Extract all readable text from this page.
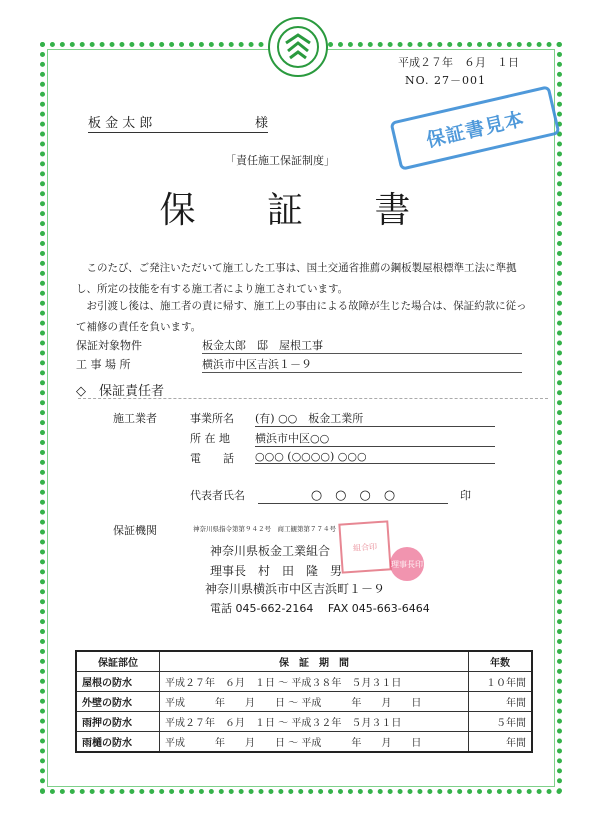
平成２７年　６月　１日
NO. 27－001
板 金 太 郎	様	保証書見本
「責任施工保証制度」
保 証 書
このたび、ご発注いただいて施工した工事は、国土交通省推薦の鋼板製屋根標準工法に準拠し、所定の技能を有する施工者により施工されています。
お引渡し後は、施工者の責に帰す、施工上の事由による故障が生じた場合は、保証約款に従って補修の責任を負います。
保証対象物件	板金太郎　邸　屋根工事
工 事 場 所	横浜市中区吉浜１－９
◇　保証責任者
施工業者	事業所名 (有) ○○　板金工業所
所 在 地 横浜市中区○○
電　　話 ○○○ (○○○○) ○○○
代表者氏名	○　○　○　○	印
保証機関	神奈川県指令第第９４２号　商工観第第７７４号
神奈川県板金工業組合
理事長　村　田　隆　男
神奈川県横浜市中区吉浜町１－９
電話 045-662-2164　 FAX 045-663-6464
組合印
理事長印
保証部位	保　証　期　間	年数
屋根の防水	平成２７年　６月　１日 ～ 平成３８年　５月３１日	１０年間
外壁の防水	平成　　　年　　月　　日 ～ 平成　　　年　　月　　日	年間
雨押の防水	平成２７年　６月　１日 ～ 平成３２年　５月３１日	５年間
雨樋の防水	平成　　　年　　月　　日 ～ 平成　　　年　　月　　日	年間
